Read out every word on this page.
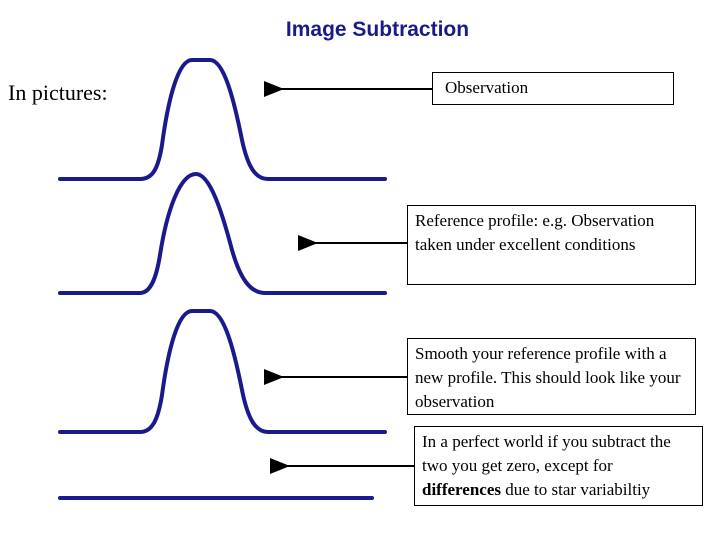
Image Subtraction
In pictures:	Observation
Reference profile: e.g. Observation taken under excellent conditions
Smooth your reference profile with a new profile. This should look like your observation
In a perfect world if you subtract the two you get zero, except for differences due to star variabiltiy
